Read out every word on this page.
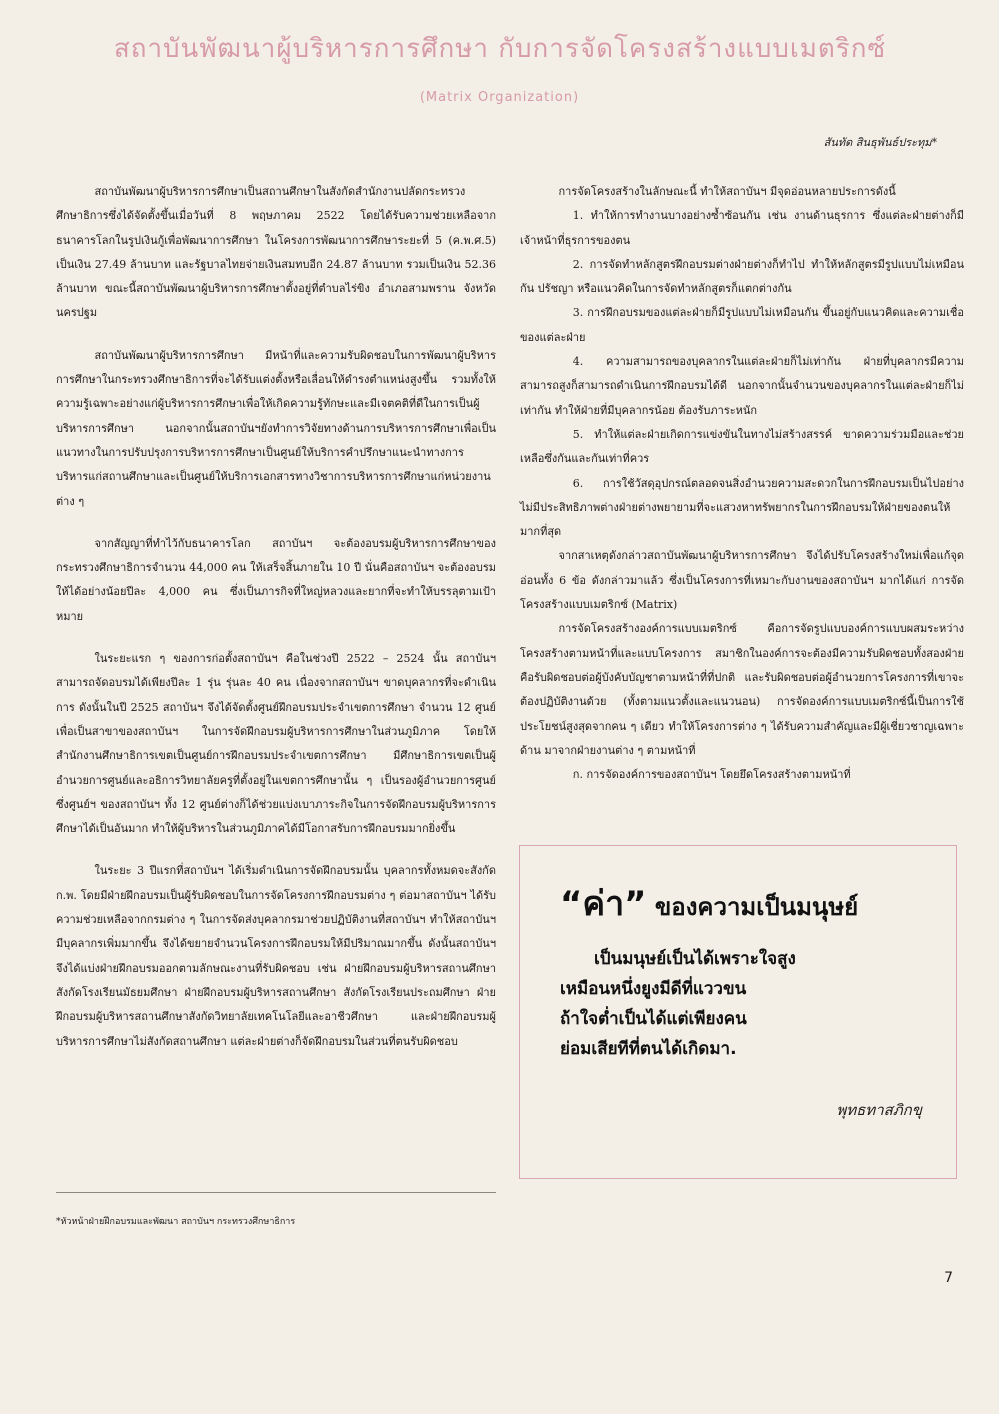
สถาบันพัฒนาผู้บริหารการศึกษา กับการจัดโครงสร้างแบบเมตริกซ์
(Matrix Organization)
สันทัด สินธุพันธ์ประทุม*

สถาบันพัฒนาผู้บริหารการศึกษาเป็นสถานศึกษาในสังกัดสำนักงานปลัดกระทรวงศึกษาธิการซึ่งได้จัดตั้งขึ้นเมื่อวันที่ 8 พฤษภาคม 2522 โดยได้รับความช่วยเหลือจากธนาคารโลกในรูปเงินกู้เพื่อพัฒนาการศึกษา ในโครงการพัฒนาการศึกษาระยะที่ 5 (ค.พ.ศ.5) เป็นเงิน 27.49 ล้านบาท และรัฐบาลไทยจ่ายเงินสมทบอีก 24.87 ล้านบาท รวมเป็นเงิน 52.36 ล้านบาท ขณะนี้สถาบันพัฒนาผู้บริหารการศึกษาตั้งอยู่ที่ตำบลไร่ขิง อำเภอสามพราน จังหวัดนครปฐม

สถาบันพัฒนาผู้บริหารการศึกษา มีหน้าที่และความรับผิดชอบในการพัฒนาผู้บริหารการศึกษาในกระทรวงศึกษาธิการที่จะได้รับแต่งตั้งหรือเลื่อนให้ดำรงตำแหน่งสูงขึ้น รวมทั้งให้ความรู้เฉพาะอย่างแก่ผู้บริหารการศึกษาเพื่อให้เกิดความรู้ทักษะและมีเจตคติที่ดีในการเป็นผู้บริหารการศึกษา นอกจากนั้นสถาบันฯยังทำการวิจัยทางด้านการบริหารการศึกษาเพื่อเป็นแนวทางในการปรับปรุงการบริหารการศึกษาเป็นศูนย์ให้บริการคำปรึกษาแนะนำทางการบริหารแก่สถานศึกษาและเป็นศูนย์ให้บริการเอกสารทางวิชาการบริหารการศึกษาแก่หน่วยงานต่าง ๆ

จากสัญญาที่ทำไว้กับธนาคารโลก สถาบันฯ จะต้องอบรมผู้บริหารการศึกษาของกระทรวงศึกษาธิการจำนวน 44,000 คน ให้เสร็จสิ้นภายใน 10 ปี นั่นคือสถาบันฯ จะต้องอบรมให้ได้อย่างน้อยปีละ 4,000 คน ซึ่งเป็นภารกิจที่ใหญ่หลวงและยากที่จะทำให้บรรลุตามเป้าหมาย

ในระยะแรก ๆ ของการก่อตั้งสถาบันฯ คือในช่วงปี 2522 – 2524 นั้น สถาบันฯ สามารถจัดอบรมได้เพียงปีละ 1 รุ่น รุ่นละ 40 คน เนื่องจากสถาบันฯ ขาดบุคลากรที่จะดำเนินการ ดังนั้นในปี 2525 สถาบันฯ จึงได้จัดตั้งศูนย์ฝึกอบรมประจำเขตการศึกษา จำนวน 12 ศูนย์ เพื่อเป็นสาขาของสถาบันฯ ในการจัดฝึกอบรมผู้บริหารการศึกษาในส่วนภูมิภาค โดยให้สำนักงานศึกษาธิการเขตเป็นศูนย์การฝึกอบรมประจำเขตการศึกษา มีศึกษาธิการเขตเป็นผู้อำนวยการศูนย์และอธิการวิทยาลัยครูที่ตั้งอยู่ในเขตการศึกษานั้น ๆ เป็นรองผู้อำนวยการศูนย์ ซึ่งศูนย์ฯ ของสถาบันฯ ทั้ง 12 ศูนย์ต่างก็ได้ช่วยแบ่งเบาภาระกิจในการจัดฝึกอบรมผู้บริหารการศึกษาได้เป็นอันมาก ทำให้ผู้บริหารในส่วนภูมิภาคได้มีโอกาสรับการฝึกอบรมมากยิ่งขึ้น

ในระยะ 3 ปีแรกที่สถาบันฯ ได้เริ่มดำเนินการจัดฝึกอบรมนั้น บุคลากรทั้งหมดจะสังกัด ก.พ. โดยมีฝ่ายฝึกอบรมเป็นผู้รับผิดชอบในการจัดโครงการฝึกอบรมต่าง ๆ ต่อมาสถาบันฯ ได้รับความช่วยเหลือจากกรมต่าง ๆ ในการจัดส่งบุคลากรมาช่วยปฏิบัติงานที่สถาบันฯ ทำให้สถาบันฯ มีบุคลากรเพิ่มมากขึ้น จึงได้ขยายจำนวนโครงการฝึกอบรมให้มีปริมาณมากขึ้น ดังนั้นสถาบันฯ จึงได้แบ่งฝ่ายฝึกอบรมออกตามลักษณะงานที่รับผิดชอบ เช่น ฝ่ายฝึกอบรมผู้บริหารสถานศึกษา สังกัดโรงเรียนมัธยมศึกษา ฝ่ายฝึกอบรมผู้บริหารสถานศึกษา สังกัดโรงเรียนประถมศึกษา ฝ่ายฝึกอบรมผู้บริหารสถานศึกษาสังกัดวิทยาลัยเทคโนโลยีและอาชีวศึกษา และฝ่ายฝึกอบรมผู้บริหารการศึกษาไม่สังกัดสถานศึกษา แต่ละฝ่ายต่างก็จัดฝึกอบรมในส่วนที่ตนรับผิดชอบ

การจัดโครงสร้างในลักษณะนี้ ทำให้สถาบันฯ มีจุดอ่อนหลายประการดังนี้

1. ทำให้การทำงานบางอย่างซ้ำซ้อนกัน เช่น งานด้านธุรการ ซึ่งแต่ละฝ่ายต่างก็มีเจ้าหน้าที่ธุรการของตน

2. การจัดทำหลักสูตรฝึกอบรมต่างฝ่ายต่างก็ทำไป ทำให้หลักสูตรมีรูปแบบไม่เหมือนกัน ปรัชญา หรือแนวคิดในการจัดทำหลักสูตรก็แตกต่างกัน

3. การฝึกอบรมของแต่ละฝ่ายก็มีรูปแบบไม่เหมือนกัน ขึ้นอยู่กับแนวคิดและความเชื่อของแต่ละฝ่าย

4. ความสามารถของบุคลากรในแต่ละฝ่ายก็ไม่เท่ากัน ฝ่ายที่บุคลากรมีความสามารถสูงก็สามารถดำเนินการฝึกอบรมได้ดี นอกจากนั้นจำนวนของบุคลากรในแต่ละฝ่ายก็ไม่เท่ากัน ทำให้ฝ่ายที่มีบุคลากรน้อย ต้องรับภาระหนัก

5. ทำให้แต่ละฝ่ายเกิดการแข่งขันในทางไม่สร้างสรรค์ ขาดความร่วมมือและช่วยเหลือซึ่งกันและกันเท่าที่ควร

6. การใช้วัสดุอุปกรณ์ตลอดจนสิ่งอำนวยความสะดวกในการฝึกอบรมเป็นไปอย่างไม่มีประสิทธิภาพต่างฝ่ายต่างพยายามที่จะแสวงหาทรัพยากรในการฝึกอบรมให้ฝ่ายของตนให้มากที่สุด

จากสาเหตุดังกล่าวสถาบันพัฒนาผู้บริหารการศึกษา จึงได้ปรับโครงสร้างใหม่เพื่อแก้จุดอ่อนทั้ง 6 ข้อ ดังกล่าวมาแล้ว ซึ่งเป็นโครงการที่เหมาะกับงานของสถาบันฯ มากได้แก่ การจัดโครงสร้างแบบเมตริกซ์ (Matrix)

การจัดโครงสร้างองค์การแบบเมตริกซ์ คือการจัดรูปแบบองค์การแบบผสมระหว่างโครงสร้างตามหน้าที่และแบบโครงการ สมาชิกในองค์การจะต้องมีความรับผิดชอบทั้งสองฝ่ายคือรับผิดชอบต่อผู้บังคับบัญชาตามหน้าที่ที่ปกติ และรับผิดชอบต่อผู้อำนวยการโครงการที่เขาจะต้องปฏิบัติงานด้วย (ทั้งตามแนวตั้งและแนวนอน) การจัดองค์การแบบเมตริกซ์นี้เป็นการใช้ประโยชน์สูงสุดจากคน ๆ เดียว ทำให้โครงการต่าง ๆ ได้รับความสำคัญและมีผู้เชี่ยวชาญเฉพาะด้าน มาจากฝ่ายงานต่าง ๆ ตามหน้าที่

ก. การจัดองค์การของสถาบันฯ โดยยึดโครงสร้างตามหน้าที่

“ค่า” ของความเป็นมนุษย์
เป็นมนุษย์เป็นได้เพราะใจสูง
เหมือนหนึ่งยูงมีดีที่แววขน
ถ้าใจต่ำเป็นได้แต่เพียงคน
ย่อมเสียทีที่ตนได้เกิดมา.
พุทธทาสภิกขุ
*หัวหน้าฝ่ายฝึกอบรมและพัฒนา สถาบันฯ กระทรวงศึกษาธิการ
7
